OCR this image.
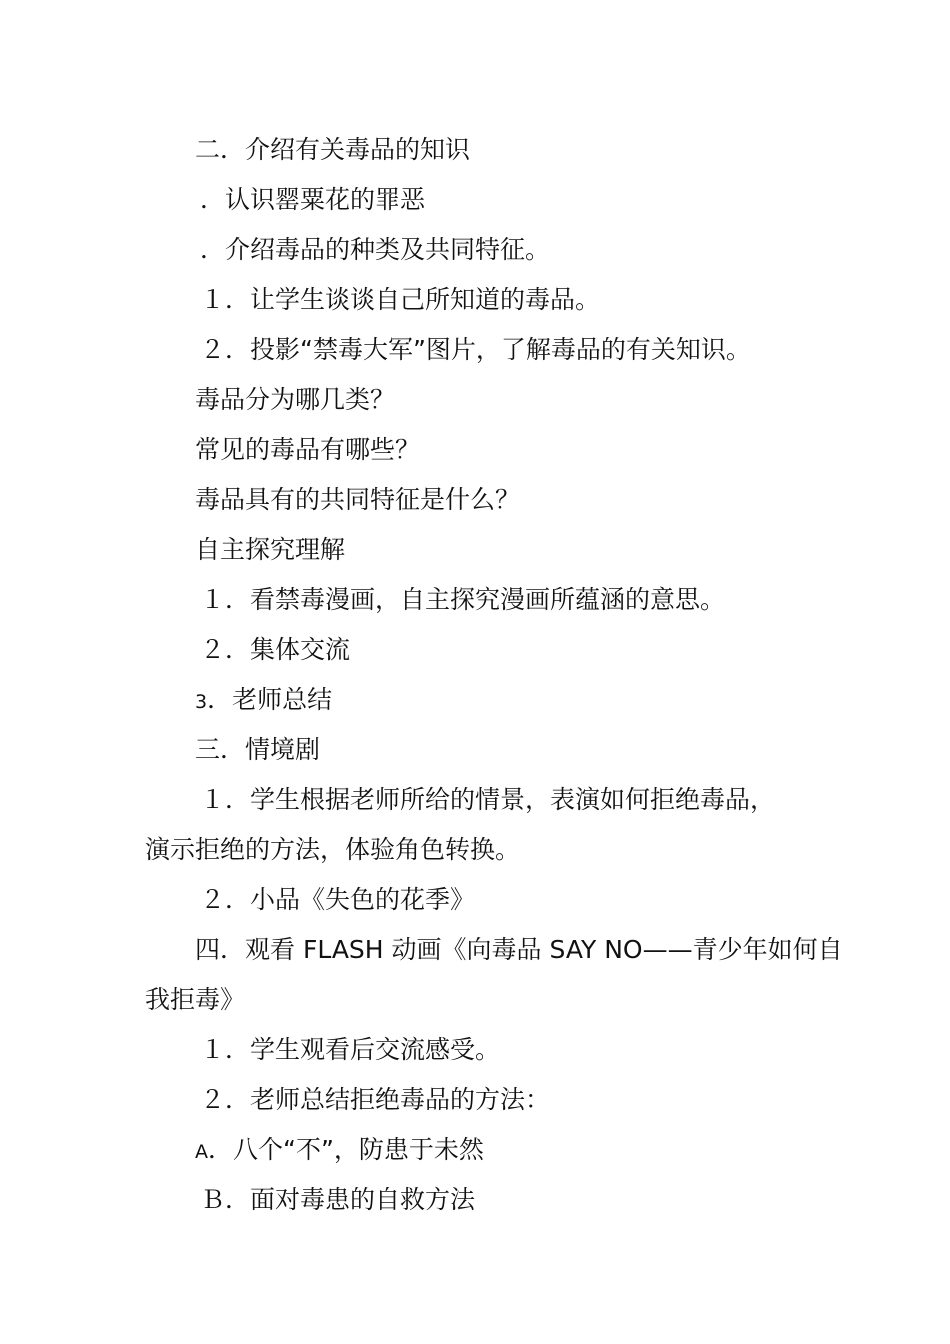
二．介绍有关毒品的知识
．认识罂粟花的罪恶
．介绍毒品的种类及共同特征。
１．让学生谈谈自己所知道的毒品。
２．投影“禁毒大军”图片，了解毒品的有关知识。
毒品分为哪几类？
常见的毒品有哪些？
毒品具有的共同特征是什么？
自主探究理解
１．看禁毒漫画，自主探究漫画所蕴涵的意思。
２．集体交流
3．老师总结
三．情境剧
１．学生根据老师所给的情景，表演如何拒绝毒品，
演示拒绝的方法，体验角色转换。
２．小品《失色的花季》
四．观看 FLASH 动画《向毒品 SAY NO——青少年如何自
我拒毒》
１．学生观看后交流感受。
２．老师总结拒绝毒品的方法：
A．八个“不”，防患于未然
Ｂ．面对毒患的自救方法
